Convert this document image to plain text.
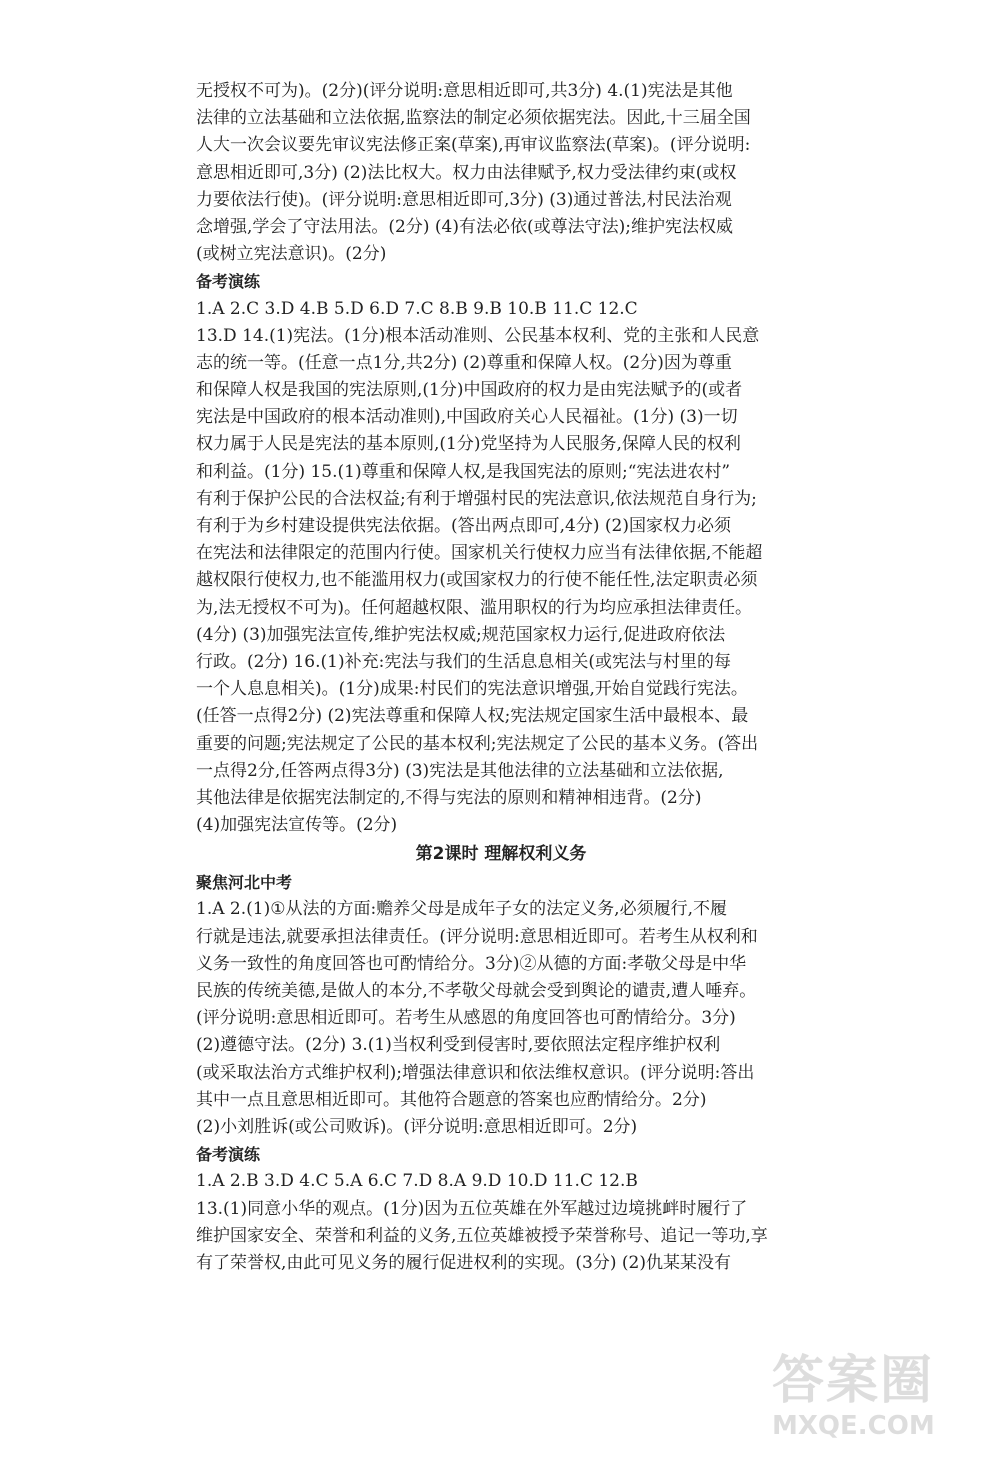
无授权不可为)。(2分)(评分说明:意思相近即可,共3分) 4.(1)宪法是其他
法律的立法基础和立法依据,监察法的制定必须依据宪法。因此,十三届全国
人大一次会议要先审议宪法修正案(草案),再审议监察法(草案)。(评分说明:
意思相近即可,3分) (2)法比权大。权力由法律赋予,权力受法律约束(或权
力要依法行使)。(评分说明:意思相近即可,3分) (3)通过普法,村民法治观
念增强,学会了守法用法。(2分) (4)有法必依(或尊法守法);维护宪法权威
(或树立宪法意识)。(2分)
备考演练
1.A 2.C 3.D 4.B 5.D 6.D 7.C 8.B 9.B 10.B 11.C 12.C
13.D 14.(1)宪法。(1分)根本活动准则、公民基本权利、党的主张和人民意
志的统一等。(任意一点1分,共2分) (2)尊重和保障人权。(2分)因为尊重
和保障人权是我国的宪法原则,(1分)中国政府的权力是由宪法赋予的(或者
宪法是中国政府的根本活动准则),中国政府关心人民福祉。(1分) (3)一切
权力属于人民是宪法的基本原则,(1分)党坚持为人民服务,保障人民的权利
和利益。(1分) 15.(1)尊重和保障人权,是我国宪法的原则;“宪法进农村”
有利于保护公民的合法权益;有利于增强村民的宪法意识,依法规范自身行为;
有利于为乡村建设提供宪法依据。(答出两点即可,4分) (2)国家权力必须
在宪法和法律限定的范围内行使。国家机关行使权力应当有法律依据,不能超
越权限行使权力,也不能滥用权力(或国家权力的行使不能任性,法定职责必须
为,法无授权不可为)。任何超越权限、滥用职权的行为均应承担法律责任。
(4分) (3)加强宪法宣传,维护宪法权威;规范国家权力运行,促进政府依法
行政。(2分) 16.(1)补充:宪法与我们的生活息息相关(或宪法与村里的每
一个人息息相关)。(1分)成果:村民们的宪法意识增强,开始自觉践行宪法。
(任答一点得2分) (2)宪法尊重和保障人权;宪法规定国家生活中最根本、最
重要的问题;宪法规定了公民的基本权利;宪法规定了公民的基本义务。(答出
一点得2分,任答两点得3分) (3)宪法是其他法律的立法基础和立法依据,
其他法律是依据宪法制定的,不得与宪法的原则和精神相违背。(2分)
(4)加强宪法宣传等。(2分)
第2课时 理解权利义务
聚焦河北中考
1.A 2.(1)①从法的方面:赡养父母是成年子女的法定义务,必须履行,不履
行就是违法,就要承担法律责任。(评分说明:意思相近即可。若考生从权利和
义务一致性的角度回答也可酌情给分。3分)②从德的方面:孝敬父母是中华
民族的传统美德,是做人的本分,不孝敬父母就会受到舆论的谴责,遭人唾弃。
(评分说明:意思相近即可。若考生从感恩的角度回答也可酌情给分。3分)
(2)遵德守法。(2分) 3.(1)当权利受到侵害时,要依照法定程序维护权利
(或采取法治方式维护权利);增强法律意识和依法维权意识。(评分说明:答出
其中一点且意思相近即可。其他符合题意的答案也应酌情给分。2分)
(2)小刘胜诉(或公司败诉)。(评分说明:意思相近即可。2分)
备考演练
1.A 2.B 3.D 4.C 5.A 6.C 7.D 8.A 9.D 10.D 11.C 12.B
13.(1)同意小华的观点。(1分)因为五位英雄在外军越过边境挑衅时履行了
维护国家安全、荣誉和利益的义务,五位英雄被授予荣誉称号、追记一等功,享
有了荣誉权,由此可见义务的履行促进权利的实现。(3分) (2)仇某某没有
答案圈
MXQE.COM
